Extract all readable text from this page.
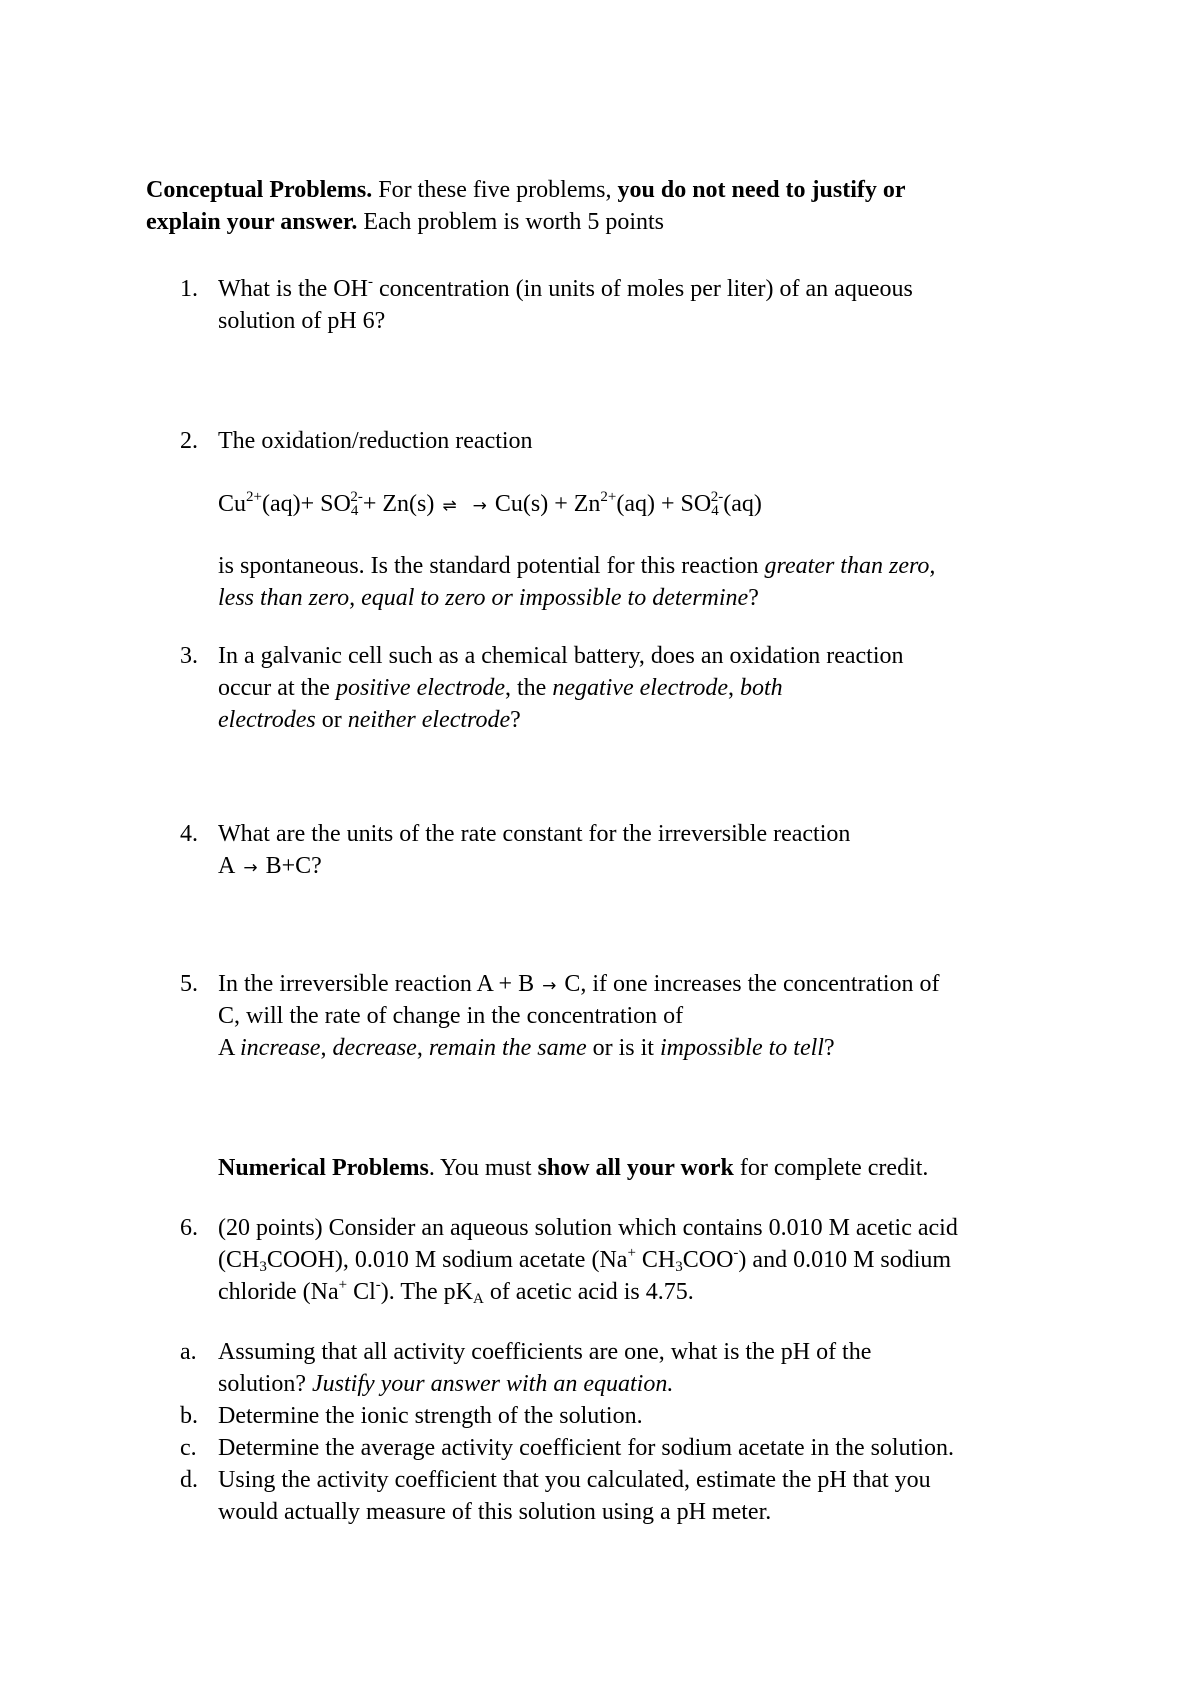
Conceptual Problems. For these five problems, you do not need to justify or
explain your answer. Each problem is worth 5 points
1. What is the OH- concentration (in units of moles per liter) of an aqueous
solution of pH 6?
2. The oxidation/reduction reaction
$Cu^{2+}(aq)+ SO_4^{2-}+ Zn(s)$ ⇌ → $Cu(s) + Zn^{2+}(aq) + SO_4^{2-}(aq)$
is spontaneous. Is the standard potential for this reaction greater than zero,
less than zero, equal to zero or impossible to determine?
3. In a galvanic cell such as a chemical battery, does an oxidation reaction
occur at the positive electrode, the negative electrode, both
electrodes or neither electrode?
4. What are the units of the rate constant for the irreversible reaction
A → B+C?
5. In the irreversible reaction A + B → C, if one increases the concentration of
C, will the rate of change in the concentration of
A increase, decrease, remain the same or is it impossible to tell?
Numerical Problems. You must show all your work for complete credit.
6. (20 points) Consider an aqueous solution which contains 0.010 M acetic acid
$(CH_3COOH)$, 0.010 M sodium acetate (Na+ $CH_3COO^-$) and 0.010 M sodium
chloride (Na+ Cl-). The $pK_A$ of acetic acid is 4.75.
a. Assuming that all activity coefficients are one, what is the pH of the
solution? Justify your answer with an equation.
b. Determine the ionic strength of the solution.
c. Determine the average activity coefficient for sodium acetate in the solution.
d. Using the activity coefficient that you calculated, estimate the pH that you
would actually measure of this solution using a pH meter.
